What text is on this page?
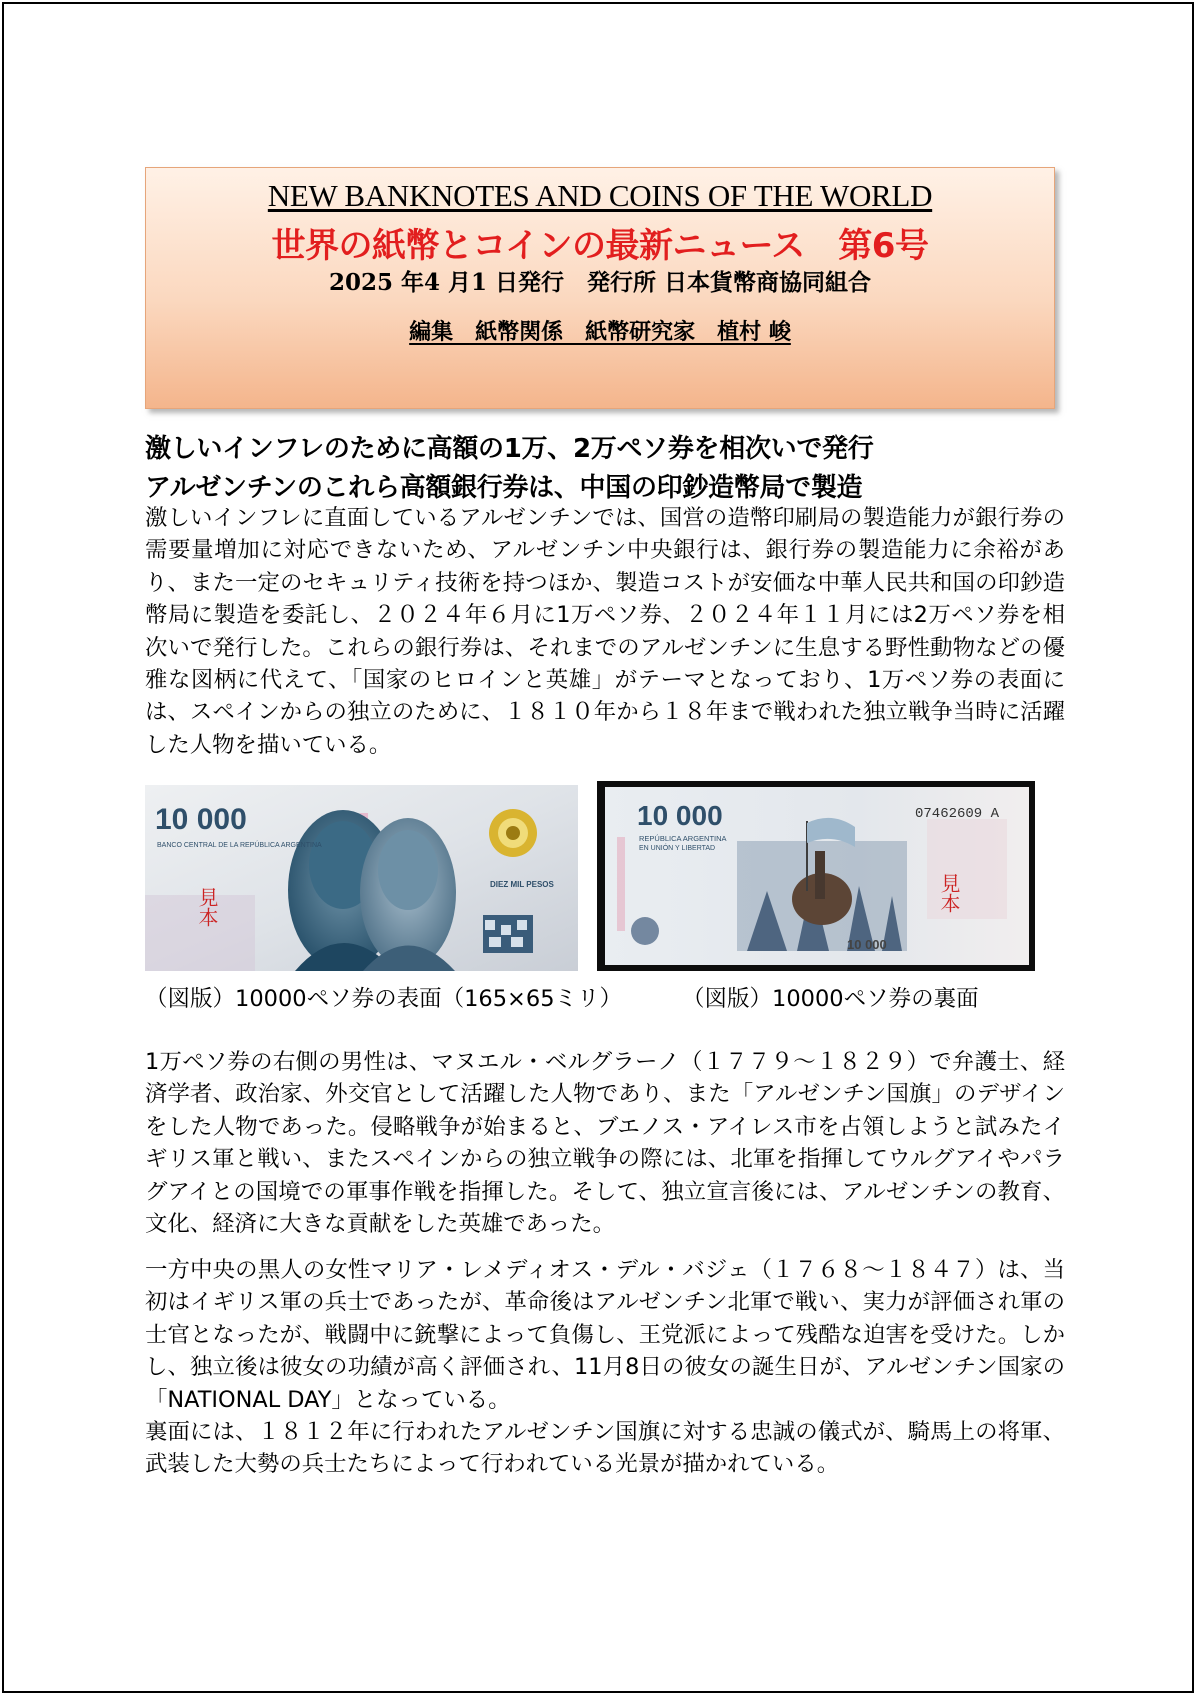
NEW BANKNOTES AND COINS OF THE WORLD
世界の紙幣とコインの最新ニュース　第6号
2025 年4 月1 日発行　発行所 日本貨幣商協同組合
編集　紙幣関係　紙幣研究家　植村 峻
激しいインフレのために高額の1万、2万ペソ券を相次いで発行
アルゼンチンのこれら高額銀行券は、中国の印鈔造幣局で製造
激しいインフレに直面しているアルゼンチンでは、国営の造幣印刷局の製造能力が銀行券の需要量増加に対応できないため、アルゼンチン中央銀行は、銀行券の製造能力に余裕があり、また一定のセキュリティ技術を持つほか、製造コストが安価な中華人民共和国の印鈔造幣局に製造を委託し、２０２４年６月に1万ペソ券、２０２４年１１月には2万ペソ券を相次いで発行した。これらの銀行券は、それまでのアルゼンチンに生息する野性動物などの優雅な図柄に代えて、「国家のヒロインと英雄」がテーマとなっており、1万ペソ券の表面には、スペインからの独立のために、１８１０年から１８年まで戦われた独立戦争当時に活躍した人物を描いている。
10 000
BANCO CENTRAL DE LA REPÚBLICA ARGENTINA
DIEZ MIL PESOS
見本
10 000
REPÚBLICA ARGENTINA
EN UNIÓN Y LIBERTAD
07462609 A
10 000
見本
（図版）10000ペソ券の表面（165×65ミリ）	（図版）10000ペソ券の裏面
1万ペソ券の右側の男性は、マヌエル・ベルグラーノ（１７７９～１８２９）で弁護士、経済学者、政治家、外交官として活躍した人物であり、また「アルゼンチン国旗」のデザインをした人物であった。侵略戦争が始まると、ブエノス・アイレス市を占領しようと試みたイギリス軍と戦い、またスペインからの独立戦争の際には、北軍を指揮してウルグアイやパラグアイとの国境での軍事作戦を指揮した。そして、独立宣言後には、アルゼンチンの教育、文化、経済に大きな貢献をした英雄であった。
一方中央の黒人の女性マリア・レメディオス・デル・バジェ（１７６８～１８４７）は、当初はイギリス軍の兵士であったが、革命後はアルゼンチン北軍で戦い、実力が評価され軍の士官となったが、戦闘中に銃撃によって負傷し、王党派によって残酷な迫害を受けた。しかし、独立後は彼女の功績が高く評価され、11月8日の彼女の誕生日が、アルゼンチン国家の「NATIONAL DAY」となっている。
裏面には、１８１２年に行われたアルゼンチン国旗に対する忠誠の儀式が、騎馬上の将軍、武装した大勢の兵士たちによって行われている光景が描かれている。
